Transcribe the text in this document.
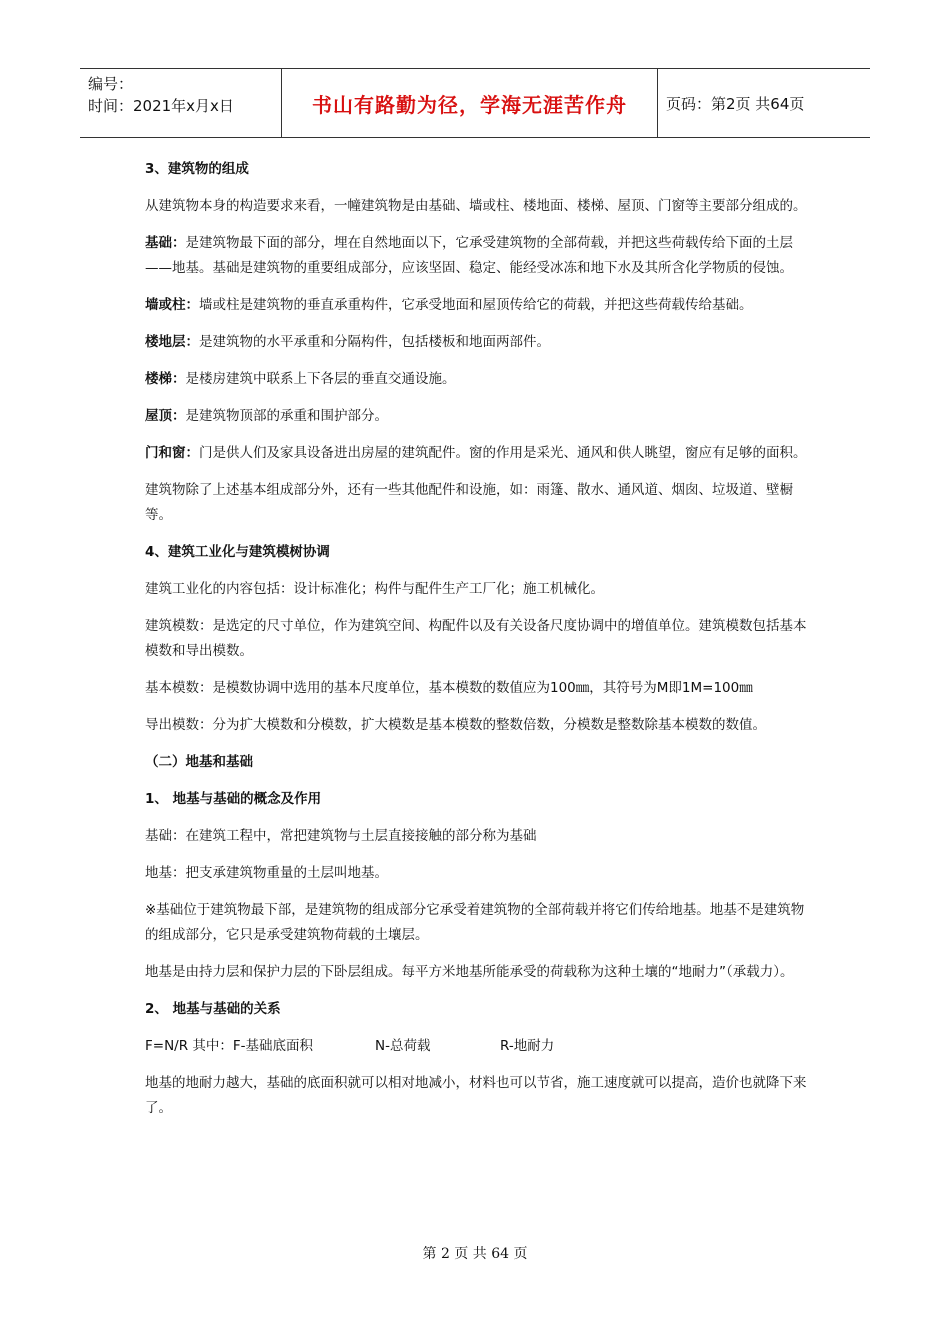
编号：
时间：2021年x月x日	书山有路勤为径，学海无涯苦作舟	页码：第2页 共64页
3、建筑物的组成

从建筑物本身的构造要求来看，一幢建筑物是由基础、墙或柱、楼地面、楼梯、屋顶、门窗等主要部分组成的。

基础：是建筑物最下面的部分，埋在自然地面以下，它承受建筑物的全部荷载，并把这些荷载传给下面的土层——地基。基础是建筑物的重要组成部分，应该坚固、稳定、能经受冰冻和地下水及其所含化学物质的侵蚀。

墙或柱：墙或柱是建筑物的垂直承重构件，它承受地面和屋顶传给它的荷载，并把这些荷载传给基础。

楼地层：是建筑物的水平承重和分隔构件，包括楼板和地面两部件。

楼梯：是楼房建筑中联系上下各层的垂直交通设施。

屋顶：是建筑物顶部的承重和围护部分。

门和窗：门是供人们及家具设备进出房屋的建筑配件。窗的作用是采光、通风和供人眺望，窗应有足够的面积。

建筑物除了上述基本组成部分外，还有一些其他配件和设施，如：雨篷、散水、通风道、烟囱、垃圾道、壁橱等。

4、建筑工业化与建筑模树协调

建筑工业化的内容包括：设计标准化；构件与配件生产工厂化；施工机械化。

建筑模数：是选定的尺寸单位，作为建筑空间、构配件以及有关设备尺度协调中的增值单位。建筑模数包括基本模数和导出模数。

基本模数：是模数协调中选用的基本尺度单位，基本模数的数值应为100㎜，其符号为M即1M=100㎜

导出模数：分为扩大模数和分模数，扩大模数是基本模数的整数倍数，分模数是整数除基本模数的数值。

（二）地基和基础
1、 地基与基础的概念及作用

基础：在建筑工程中，常把建筑物与土层直接接触的部分称为基础

地基：把支承建筑物重量的土层叫地基。

※基础位于建筑物最下部，是建筑物的组成部分它承受着建筑物的全部荷载并将它们传给地基。地基不是建筑物的组成部分，它只是承受建筑物荷载的土壤层。

地基是由持力层和保护力层的下卧层组成。每平方米地基所能承受的荷载称为这种土壤的“地耐力”（承载力）。

2、 地基与基础的关系

F=N/R 其中：F-基础底面积	N-总荷载	R-地耐力

地基的地耐力越大，基础的底面积就可以相对地减小，材料也可以节省，施工速度就可以提高，造价也就降下来了。

第 2 页 共 64 页
